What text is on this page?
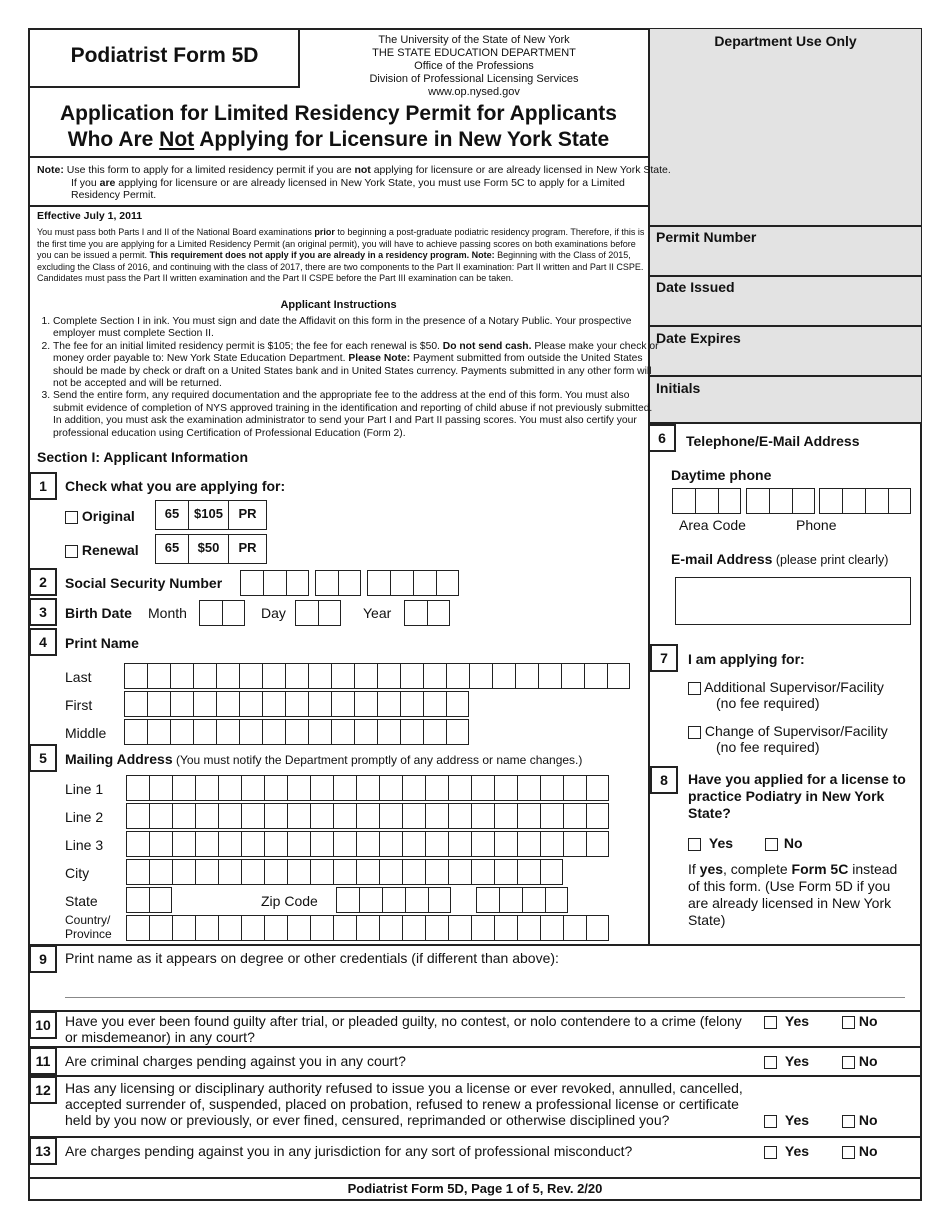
Department Use Only
Permit Number
Date Issued
Date Expires
Initials
Podiatrist Form 5D
The University of the State of New York
THE STATE EDUCATION DEPARTMENT
Office of the Professions
Division of Professional Licensing Services
www.op.nysed.gov
Application for Limited Residency Permit for Applicants
Who Are Not Applying for Licensure in New York State
Note: Use this form to apply for a limited residency permit if you are not applying for licensure or are already licensed in New York State. If you are applying for licensure or are already licensed in New York State, you must use Form 5C to apply for a Limited Residency Permit.
Effective July 1, 2011
You must pass both Parts I and II of the National Board examinations prior to beginning a post-graduate podiatric residency program. Therefore, if this is the first time you are applying for a Limited Residency Permit (an original permit), you will have to achieve passing scores on both examinations before you can be issued a permit. This requirement does not apply if you are already in a residency program. Note: Beginning with the Class of 2015, excluding the Class of 2016, and continuing with the class of 2017, there are two components to the Part II examination: Part II written and Part II CSPE. Candidates must pass the Part II written examination and the Part II CSPE before the Part III examination can be taken.
Applicant Instructions
1. Complete Section I in ink. You must sign and date the Affidavit on this form in the presence of a Notary Public. Your prospective employer must complete Section II.
2. The fee for an initial limited residency permit is $105; the fee for each renewal is $50. Do not send cash. Please make your check or money order payable to: New York State Education Department. Please Note: Payment submitted from outside the United States should be made by check or draft on a United States bank and in United States currency. Payments submitted in any other form will not be accepted and will be returned.
3. Send the entire form, any required documentation and the appropriate fee to the address at the end of this form. You must also submit evidence of completion of NYS approved training in the identification and reporting of child abuse if not previously submitted. In addition, you must ask the examination administrator to send your Part I and Part II passing scores. You must also certify your professional education using Certification of Professional Education (Form 2).
Section I: Applicant Information
1	Check what you are applying for:
Original	65	$105	PR
Renewal	65	$50	PR
2	Social Security Number
3	Birth Date Month	Day	Year
4	Print Name
Last
First
Middle
5	Mailing Address (You must notify the Department promptly of any address or name changes.)
Line 1
Line 2
Line 3
City
State	Zip Code
Country/
Province
6	Telephone/E-Mail Address
Daytime phone
Area Code	Phone
E-mail Address (please print clearly)
7	I am applying for:
Additional Supervisor/Facility
(no fee required)
Change of Supervisor/Facility
(no fee required)
8	Have you applied for a license to practice Podiatry in New York State?
Yes	No
If yes, complete Form 5C instead of this form. (Use Form 5D if you are already licensed in New York State)
9	Print name as it appears on degree or other credentials (if different than above):
10	Have you ever been found guilty after trial, or pleaded guilty, no contest, or nolo contendere to a crime (felony or misdemeanor) in any court?
Yes	No
11	Are criminal charges pending against you in any court?	Yes	No
12	Has any licensing or disciplinary authority refused to issue you a license or ever revoked, annulled, cancelled, accepted surrender of, suspended, placed on probation, refused to renew a professional license or certificate held by you now or previously, or ever fined, censured, reprimanded or otherwise disciplined you?	Yes	No
13	Are charges pending against you in any jurisdiction for any sort of professional misconduct?	Yes	No
Podiatrist Form 5D, Page 1 of 5, Rev. 2/20
